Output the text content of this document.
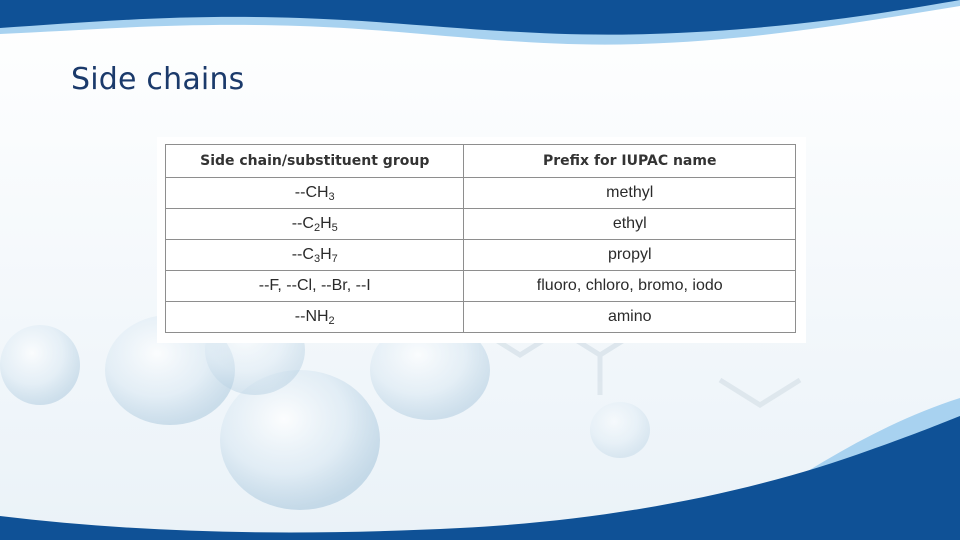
Side chains
Side chain/substituent group	Prefix for IUPAC name
$--CH_3$	methyl
$--C_2H_5$	ethyl
$--C_3H_7$	propyl
--F, --Cl, --Br, --I	fluoro, chloro, bromo, iodo
$--NH_2$	amino
